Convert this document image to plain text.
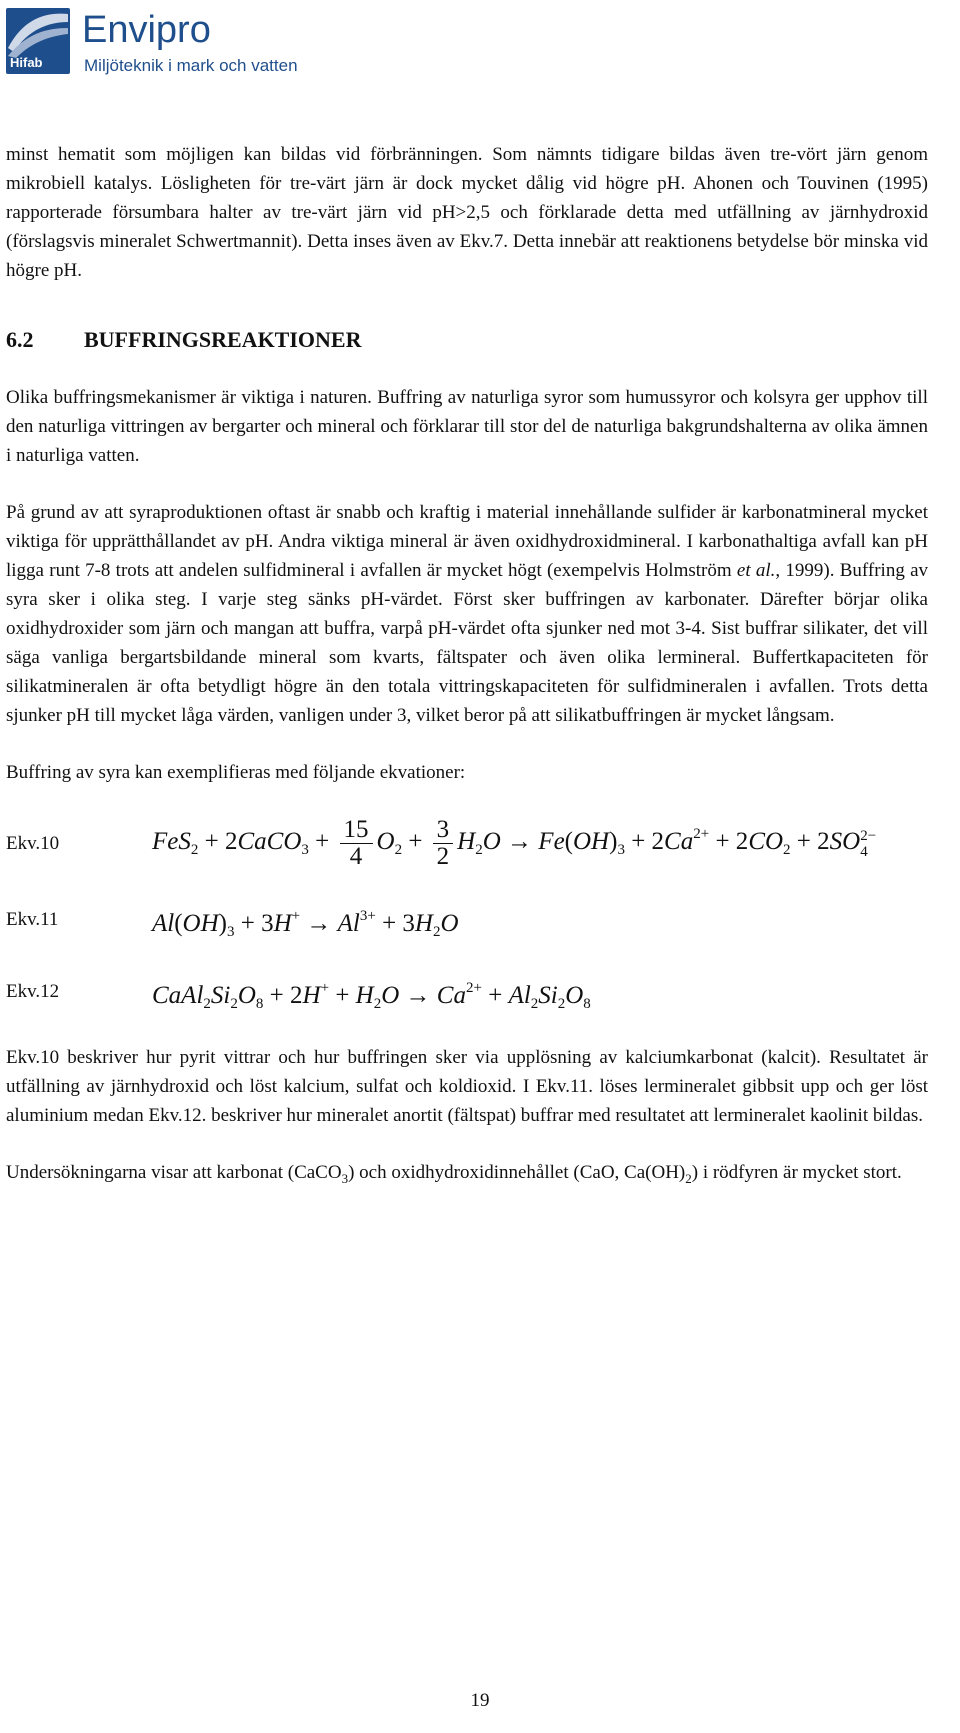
Hifab
Envipro
Miljöteknik i mark och vatten

minst hematit som möjligen kan bildas vid förbränningen. Som nämnts tidigare bildas även tre-vört järn genom mikrobiell katalys. Lösligheten för tre-värt järn är dock mycket dålig vid högre pH. Ahonen och Touvinen (1995) rapporterade försumbara halter av tre-värt järn vid pH>2,5 och förklarade detta med utfällning av järnhydroxid (förslagsvis mineralet Schwertmannit). Detta inses även av Ekv.7. Detta innebär att reaktionens betydelse bör minska vid högre pH.

6.2 BUFFRINGSREAKTIONER

Olika buffringsmekanismer är viktiga i naturen. Buffring av naturliga syror som humussyror och kolsyra ger upphov till den naturliga vittringen av bergarter och mineral och förklarar till stor del de naturliga bakgrundshalterna av olika ämnen i naturliga vatten.

På grund av att syraproduktionen oftast är snabb och kraftig i material innehållande sulfider är karbonatmineral mycket viktiga för upprätthållandet av pH. Andra viktiga mineral är även oxidhydroxidmineral. I karbonathaltiga avfall kan pH ligga runt 7-8 trots att andelen sulfidmineral i avfallen är mycket högt (exempelvis Holmström et al., 1999). Buffring av syra sker i olika steg. I varje steg sänks pH-värdet. Först sker buffringen av karbonater. Därefter börjar olika oxidhydroxider som järn och mangan att buffra, varpå pH-värdet ofta sjunker ned mot 3-4. Sist buffrar silikater, det vill säga vanliga bergartsbildande mineral som kvarts, fältspater och även olika lermineral. Buffertkapaciteten för silikatmineralen är ofta betydligt högre än den totala vittringskapaciteten för sulfidmineralen i avfallen. Trots detta sjunker pH till mycket låga värden, vanligen under 3, vilket beror på att silikatbuffringen är mycket långsam.

Buffring av syra kan exemplifieras med följande ekvationer:

Ekv.10	FeS$_2$ + 2CaCO$_3$ + $\frac{15}{4} O_2 + \frac{3}{2} H_2O \to Fe(OH)_3 + 2Ca^{2+} + 2CO_2 + 2SO$ 2−
4
Ekv.11	$Al(OH)_3 + 3H^+ \to Al^{3+} + 3H_2O$
Ekv.12	$CaAl_2Si_2O_8 + 2H^+ + H_2O \to Ca^{2+} + Al_2Si_2O_8$

Ekv.10 beskriver hur pyrit vittrar och hur buffringen sker via upplösning av kalciumkarbonat (kalcit). Resultatet är utfällning av järnhydroxid och löst kalcium, sulfat och koldioxid. I Ekv.11. löses lermineralet gibbsit upp och ger löst aluminium medan Ekv.12. beskriver hur mineralet anortit (fältspat) buffrar med resultatet att lermineralet kaolinit bildas.

Undersökningarna visar att karbonat (CaCO$_3$) och oxidhydroxidinnehållet (CaO, $Ca(OH)_2$) i rödfyren är mycket stort.

19
